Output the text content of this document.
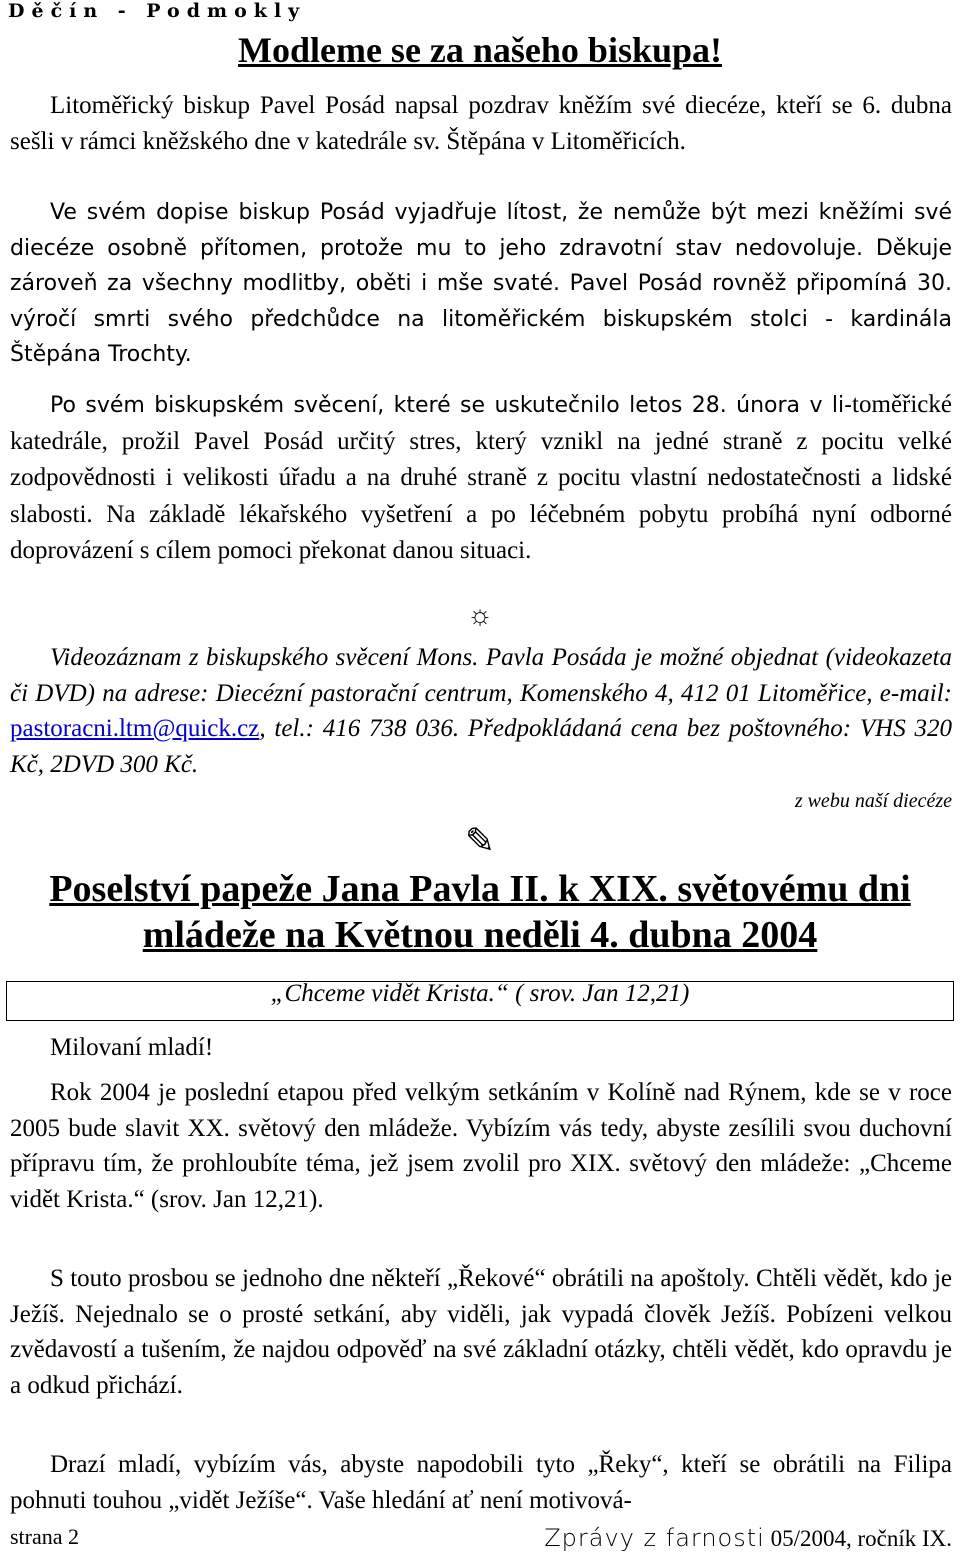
Děčín - Podmokly
Modleme se za našeho biskupa!

Litoměřický biskup Pavel Posád napsal pozdrav kněžím své diecéze, kteří se 6. dubna sešli v rámci kněžského dne v katedrále sv. Štěpána v Litoměřicích.

Ve svém dopise biskup Posád vyjadřuje lítost, že nemůže být mezi kněžími své diecéze osobně přítomen, protože mu to jeho zdravotní stav nedovoluje. Děkuje zároveň za všechny modlitby, oběti i mše svaté. Pavel Posád rovněž připomíná 30. výročí smrti svého předchůdce na litoměřickém biskupském stolci - kardinála Štěpána Trochty.

Po svém biskupském svěcení, které se uskutečnilo letos 28. února v li-toměřické katedrále, prožil Pavel Posád určitý stres, který vznikl na jedné straně z pocitu velké zodpovědnosti i velikosti úřadu a na druhé straně z pocitu vlastní nedostatečnosti a lidské slabosti. Na základě lékařského vyšetření a po léčebném pobytu probíhá nyní odborné doprovázení s cílem pomoci překonat danou situaci.

☼

Videozáznam z biskupského svěcení Mons. Pavla Posáda je možné objednat (videokazeta či DVD) na adrese: Diecézní pastorační centrum, Komenského 4, 412 01 Litoměřice, e-mail: pastoracni.ltm@quick.cz, tel.: 416 738 036. Předpokládaná cena bez poštovného: VHS 320 Kč, 2DVD 300 Kč.

z webu naší diecéze
✎
Poselství papeže Jana Pavla II. k XIX. světovému dni
mládeže na Květnou neděli 4. dubna 2004
„Chceme vidět Krista.“ ( srov. Jan 12,21)
Milovaní mladí!

Rok 2004 je poslední etapou před velkým setkáním v Kolíně nad Rýnem, kde se v roce 2005 bude slavit XX. světový den mládeže. Vybízím vás tedy, abyste zesílili svou duchovní přípravu tím, že prohloubíte téma, jež jsem zvolil pro XIX. světový den mládeže: „Chceme vidět Krista.“ (srov. Jan 12,21).

S touto prosbou se jednoho dne někteří „Řekové“ obrátili na apoštoly. Chtěli vědět, kdo je Ježíš. Nejednalo se o prosté setkání, aby viděli, jak vypadá člověk Ježíš. Pobízeni velkou zvědavostí a tušením, že najdou odpověď na své základní otázky, chtěli vědět, kdo opravdu je a odkud přichází.

Drazí mladí, vybízím vás, abyste napodobili tyto „Řeky“, kteří se obrátili na Filipa pohnuti touhou „vidět Ježíše“. Vaše hledání ať není motivová-

strana 2	Zprávy z farnosti 05/2004, ročník IX.
